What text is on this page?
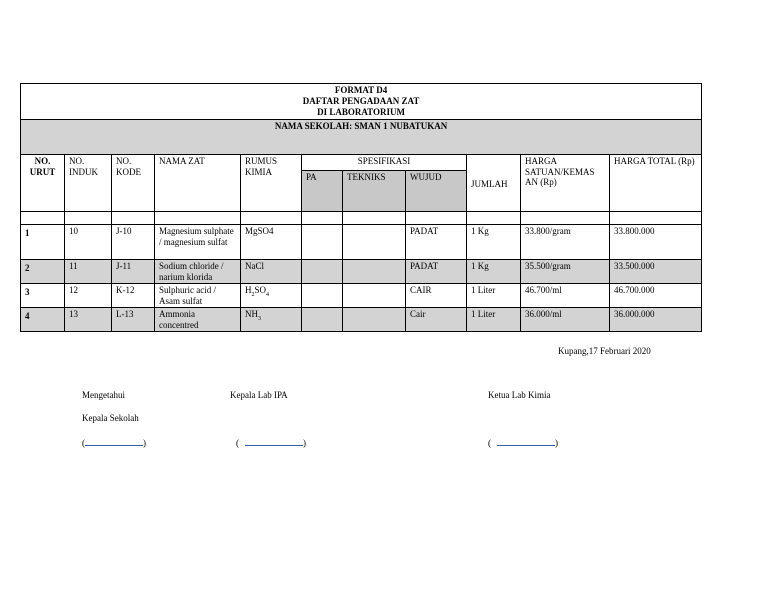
FORMAT D4
DAFTAR PENGADAAN ZAT
DI LABORATORIUM										

NAMA SEKOLAH: SMAN 1 NUBATUKAN										
NO. URUT	NO. INDUK	NO. KODE	NAMA ZAT	RUMUS KIMIA	SPESIFIKASI			JUMLAH	HARGA SATUAN/KEMAS AN (Rp)	HARGA TOTAL (Rp)
					PA	TEKNIKS	WUJUD			

1	10	J-10	Magnesium sulphate / magnesium sulfat	MgSO4			PADAT	1 Kg	33.800/gram	33.800.000
2	11	J-11	Sodium chloride / narium klorida	NaCl			PADAT	1 Kg	35.500/gram	33.500.000
3	12	K-12	Sulphuric acid / Asam sulfat	$H_2SO_4$			CAIR	1 Liter	46.700/ml	46.700.000
4	13	L-13	Ammonia concentred	$NH_3$			Cair	1 Liter	36.000/ml	36.000.000
Kupang,17 Februari 2020
Mengetahui
Kepala Sekolah
(	)
Kepala Lab IPA
(	)
Ketua Lab Kimia
(	)
